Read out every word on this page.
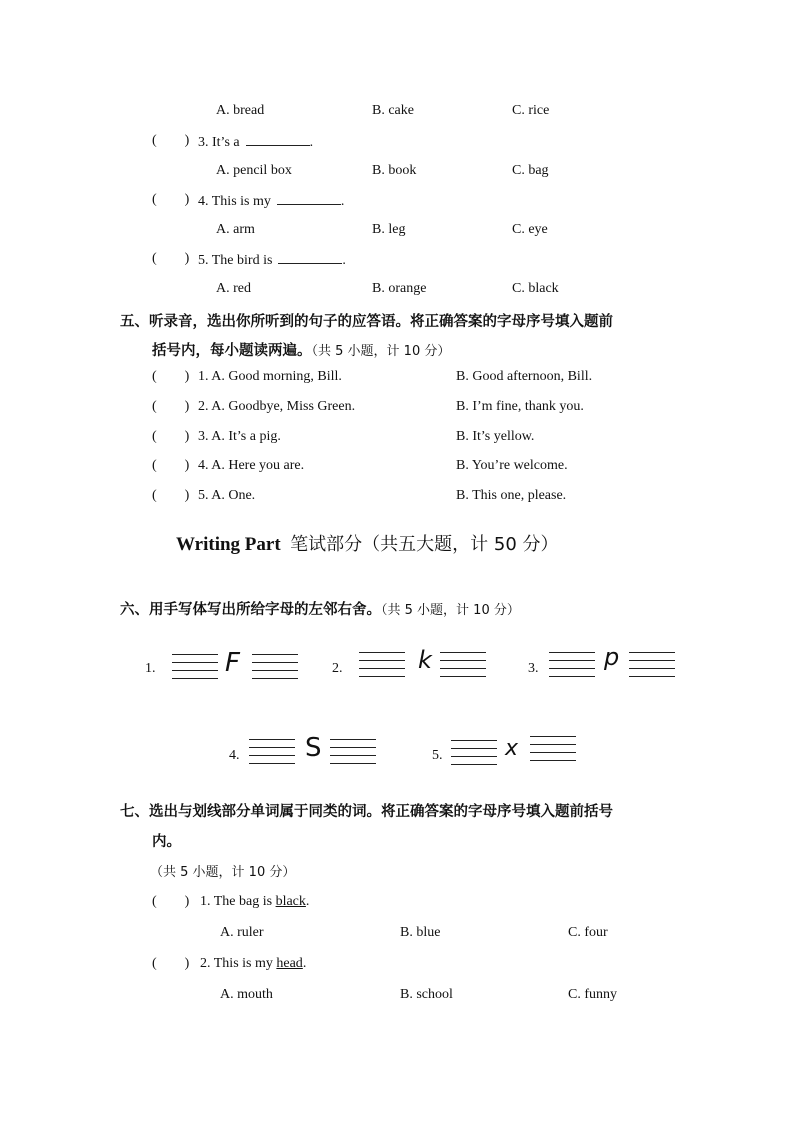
A. bread	B. cake	C. rice
(        ) 3. It’s a	.
A. pencil box	B. book	C. bag
(        ) 4. This is my	.
A. arm	B. leg	C. eye
(        ) 5. The bird is	.
A. red	B. orange	C. black
五、听录音，选出你所听到的句子的应答语。将正确答案的字母序号填入题前
括号内，每小题读两遍。（共 5 小题，计 10 分）
(        ) 1. A. Good morning, Bill.	B. Good afternoon, Bill.
(        ) 2. A. Goodbye, Miss Green.	B. I’m fine, thank you.
(        ) 3. A. It’s a pig.	B. It’s yellow.
(        ) 4. A. Here you are.	B. You’re welcome.
(        ) 5. A. One.	B. This one, please.
Writing Part 笔试部分（共五大题，计 50 分）
六、用手写体写出所给字母的左邻右舍。（共 5 小题，计 10 分）
1.	F	2.	k	3.	p
4.	S	5.	x
七、选出与划线部分单词属于同类的词。将正确答案的字母序号填入题前括号
内。
（共 5 小题，计 10 分）
(        ) 1. The bag is black.
A. ruler	B. blue	C. four
(        ) 2. This is my head.
A. mouth	B. school	C. funny
